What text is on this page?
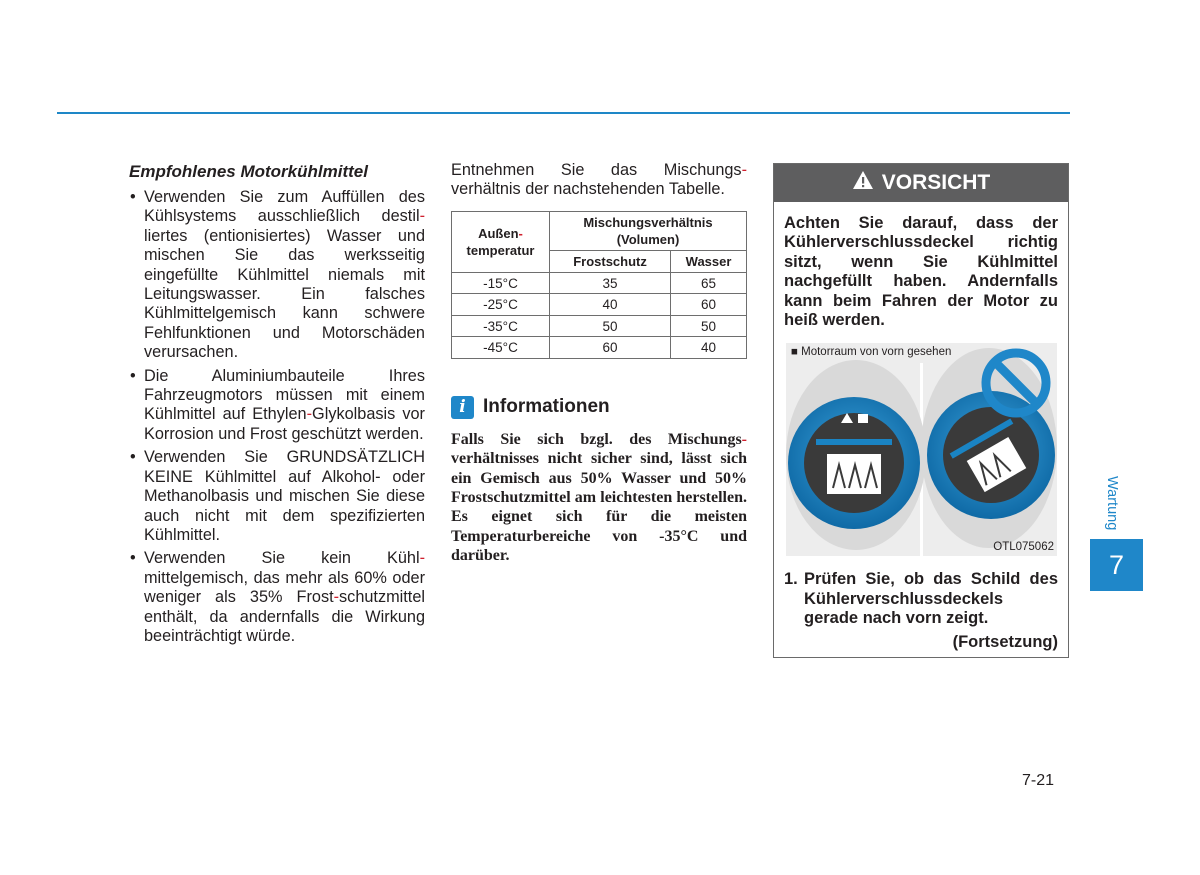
Empfohlenes Motorkühlmittel
• Verwenden Sie zum Auffüllen des Kühlsystems ausschließlich destil-liertes (entionisiertes) Wasser und mischen Sie das werksseitig eingefüllte Kühlmittel niemals mit Leitungswasser. Ein falsches Kühlmittelgemisch kann schwere Fehlfunktionen und Motorschäden verursachen.
• Die Aluminiumbauteile Ihres Fahrzeugmotors müssen mit einem Kühlmittel auf Ethylen-Glykolbasis vor Korrosion und Frost geschützt werden.
• Verwenden Sie GRUNDSÄTZLICH KEINE Kühlmittel auf Alkohol- oder Methanolbasis und mischen Sie diese auch nicht mit dem spezifizierten Kühlmittel.
• Verwenden Sie kein Kühl-mittelgemisch, das mehr als 60% oder weniger als 35% Frost-schutzmittel enthält, da andernfalls die Wirkung beeinträchtigt würde.

Entnehmen Sie das Mischungs- verhältnis der nachstehenden Tabelle.

Außen-
temperatur	Mischungsverhältnis
(Volumen)	
	Frostschutz	Wasser
-15°C	35	65
-25°C	40	60
-35°C	50	50
-45°C	60	40
i Informationen
Falls Sie sich bzgl. des Mischungs- verhältnisses nicht sicher sind, lässt sich ein Gemisch aus 50% Wasser und 50% Frostschutzmittel am leichtesten herstellen. Es eignet sich für die meisten Temperaturbereiche von -35°C und darüber.
VORSICHT
Achten Sie darauf, dass der Kühlerverschlussdeckel richtig sitzt, wenn Sie Kühlmittel nachgefüllt haben. Andernfalls kann beim Fahren der Motor zu heiß werden.
■ Motorraum von vorn gesehen
OTL075062
1. Prüfen Sie, ob das Schild des Kühlerverschlussdeckels gerade nach vorn zeigt.
(Fortsetzung)
Wartung
7
7-21
